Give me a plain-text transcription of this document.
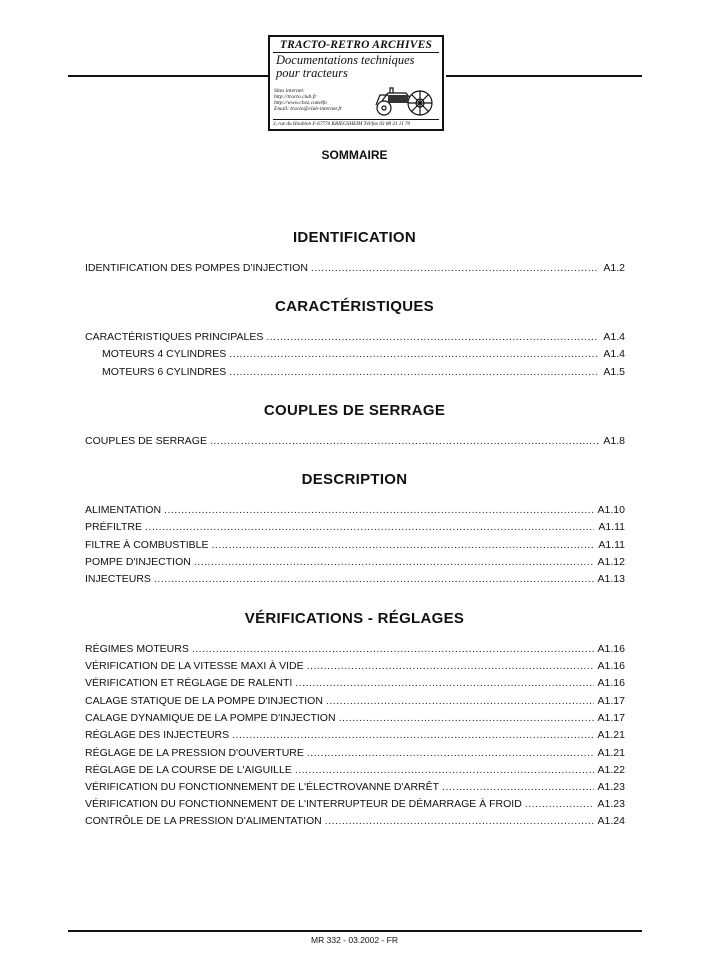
TRACTO-RETRO ARCHIVES
Documentations techniques
pour tracteurs
Sites internet:
http://tracto.club.fr
http://www.chez.com/tfo
Email: tracto@club-internet.fr
3, rue du Houblon F-67770 KRIEGSHEIM Tél/fax 03 88 31 11 70
SOMMAIRE
IDENTIFICATION
IDENTIFICATION DES POMPES D'INJECTION .....	A1.2
CARACTÉRISTIQUES
CARACTÉRISTIQUES PRINCIPALES .....	A1.4
MOTEURS 4 CYLINDRES .....	A1.4
MOTEURS 6 CYLINDRES .....	A1.5
COUPLES DE SERRAGE
COUPLES DE SERRAGE .....	A1.8
DESCRIPTION
ALIMENTATION .....	A1.10
PRÉFILTRE .....	A1.11
FILTRE À COMBUSTIBLE .....	A1.11
POMPE D'INJECTION .....	A1.12
INJECTEURS .....	A1.13
VÉRIFICATIONS - RÉGLAGES
RÉGIMES MOTEURS .....	A1.16
VÉRIFICATION DE LA VITESSE MAXI À VIDE .....	A1.16
VÉRIFICATION ET RÉGLAGE DE RALENTI .....	A1.16
CALAGE STATIQUE DE LA POMPE D'INJECTION .....	A1.17
CALAGE DYNAMIQUE DE LA POMPE D'INJECTION .....	A1.17
RÉGLAGE DES INJECTEURS .....	A1.21
RÉGLAGE DE LA PRESSION D'OUVERTURE .....	A1.21
RÉGLAGE DE LA COURSE DE L'AIGUILLE .....	A1.22
VÉRIFICATION DU FONCTIONNEMENT DE L'ÉLECTROVANNE D'ARRÊT .....	A1.23
VÉRIFICATION DU FONCTIONNEMENT DE L'INTERRUPTEUR DE DÉMARRAGE À FROID .....	A1.23
CONTRÔLE DE LA PRESSION D'ALIMENTATION .....	A1.24
MR 332 - 03.2002 - FR
